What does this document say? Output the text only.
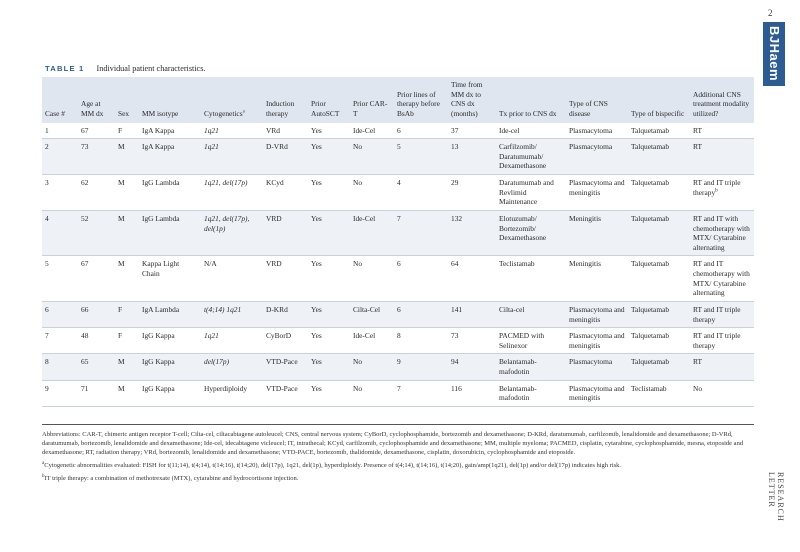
2
BJHaem
RESEARCH LETTER
TABLE 1 Individual patient characteristics.
Case #	Age at MM dx	Sex	MM isotype	Cytogenetics$^a$	Induction therapy	Prior AutoSCT	Prior CAR-T	Prior lines of therapy before BsAb	Time from MM dx to CNS dx (months)	Tx prior to CNS dx	Type of CNS disease	Type of bispecific	Additional CNS treatment modality utilized?
1	67	F	IgA Kappa	1q21	VRd	Yes	Ide-Cel	6	37	Ide-cel	Plasmacytoma	Talquetamab	RT
2	73	M	IgA Kappa	1q21	D-VRd	Yes	No	5	13	Carfilzomib/ Daratumumab/ Dexamethasone	Plasmacytoma	Talquetamab	RT
3	62	M	IgG Lambda	1q21, del(17p)	KCyd	Yes	No	4	29	Daratumumab and Revlimid Maintenance	Plasmacytoma and meningitis	Talquetamab	RT and IT triple therapy$^b$
4	52	M	IgG Lambda	1q21, del(17p), del(1p)	VRD	Yes	Ide-Cel	7	132	Elotuzumab/ Bortezomib/ Dexamethasone	Meningitis	Talquetamab	RT and IT with chemotherapy with MTX/ Cytarabine alternating
5	67	M	Kappa Light Chain	N/A	VRD	Yes	No	6	64	Teclistamab	Meningitis	Talquetamab	RT and IT chemotherapy with MTX/ Cytarabine alternating
6	66	F	IgA Lambda	t(4;14) 1q21	D-KRd	Yes	Cilta-Cel	6	141	Cilta-cel	Plasmacytoma and meningitis	Talquetamab	RT and IT triple therapy
7	48	F	IgG Kappa	1q21	CyBorD	Yes	Ide-Cel	8	73	PACMED with Selinexor	Plasmacytoma and meningitis	Talquetamab	RT and IT triple therapy
8	65	M	IgG Kappa	del(17p)	VTD-Pace	Yes	No	9	94	Belantamab-mafodotin	Plasmacytoma	Talquetamab	RT
9	71	M	IgG Kappa	Hyperdiploidy	VTD-Pace	Yes	No	7	116	Belantamab-mafodotin	Plasmacytoma and meningitis	Teclistamab	No

Abbreviations: CAR-T, chimeric antigen receptor T-cell; Cilta-cel, ciltacabtagene autoleucel; CNS, central nervous system; CyBorD, cyclophosphamide, bortezomib and dexamethasone; D-KRd, daratumumab, carfilzomib, lenalidomide and dexamethasone; D-VRd, daratumumab, bortezomib, lenalidomide and dexamethasone; Ide-cel, idecabtagene vicleucel; IT, intrathecal; KCyd, carfilzomib, cyclophosphamide and dexamethasone; MM, multiple myeloma; PACMED, cisplatin, cytarabine, cyclophosphamide, mesna, etoposide and dexamethasone; RT, radiation therapy; VRd, bortezomib, lenalidomide and dexamethasone; VTD-PACE, bortezomib, thalidomide, dexamethasone, cisplatin, doxorubicin, cyclophosphamide and etoposide.

$^a$Cytogenetic abnormalities evaluated: FISH for t(11;14), t(4;14), t(14;16), t(14;20), del(17p), 1q21, del(1p), hyperdiploidy. Presence of t(4;14), t(14;16), t(14;20), gain/amp(1q21), del(1p) and/or del(17p) indicates high risk.

$^b$IT triple therapy: a combination of methotrexate (MTX), cytarabine and hydrocortisone injection.
